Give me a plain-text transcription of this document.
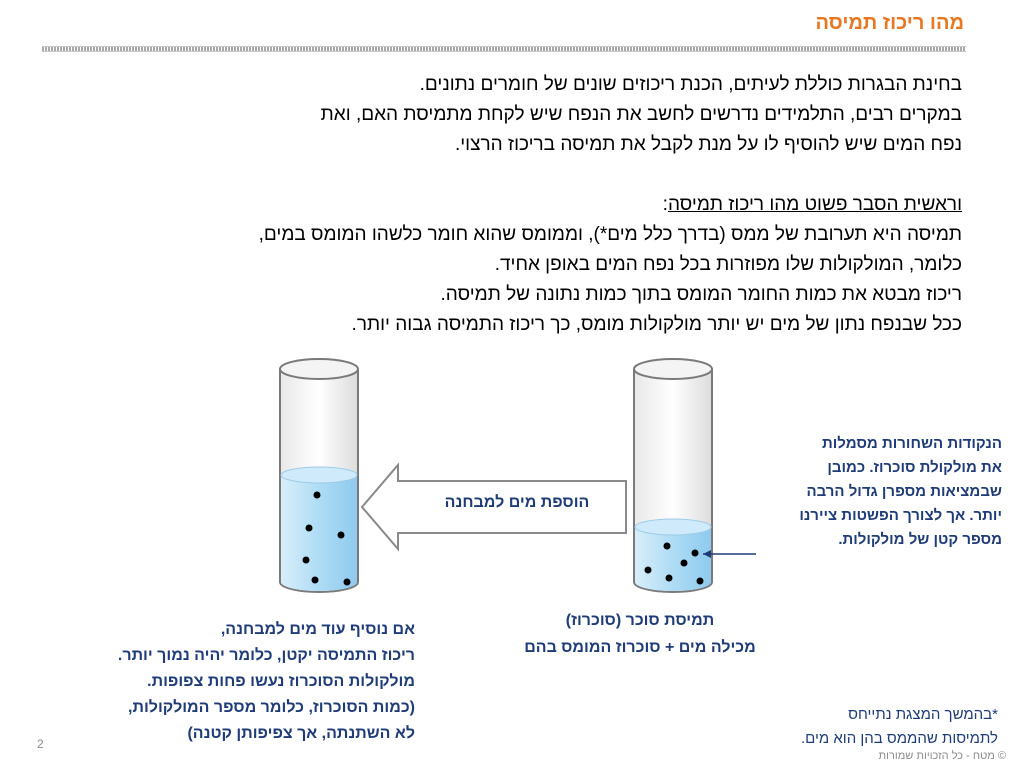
מהו ריכוז תמיסה

בחינת הבגרות כוללת לעיתים, הכנת ריכוזים שונים של חומרים נתונים.

במקרים רבים, התלמידים נדרשים לחשב את הנפח שיש לקחת מתמיסת האם, ואת

נפח המים שיש להוסיף לו על מנת לקבל את תמיסה בריכוז הרצוי.

וראשית הסבר פשוט מהו ריכוז תמיסה:

תמיסה היא תערובת של ממס (בדרך כלל מים*), וממומס שהוא חומר כלשהו המומס במים,

כלומר, המולקולות שלו מפוזרות בכל נפח המים באופן אחיד.

ריכוז מבטא את כמות החומר המומס בתוך כמות נתונה של תמיסה.

ככל שבנפח נתון של מים יש יותר מולקולות מומס, כך ריכוז התמיסה גבוה יותר.

הוספת מים למבחנה
הנקודות השחורות מסמלות
את מולקולת סוכרוז. כמובן
שבמציאות מספרן גדול הרבה
יותר. אך לצורך הפשטות ציירנו
מספר קטן של מולקולות.
תמיסת סוכר (סוכרוז)
מכילה מים + סוכרוז המומס בהם
אם נוסיף עוד מים למבחנה,
ריכוז התמיסה יקטן, כלומר יהיה נמוך יותר.
מולקולות הסוכרוז נעשו פחות צפופות.
(כמות הסוכרוז, כלומר מספר המולקולות,
לא השתנתה, אך צפיפותן קטנה)
*בהמשך המצגת נתייחס
לתמיסות שהממס בהן הוא מים.
2
© מטח - כל הזכויות שמורות
